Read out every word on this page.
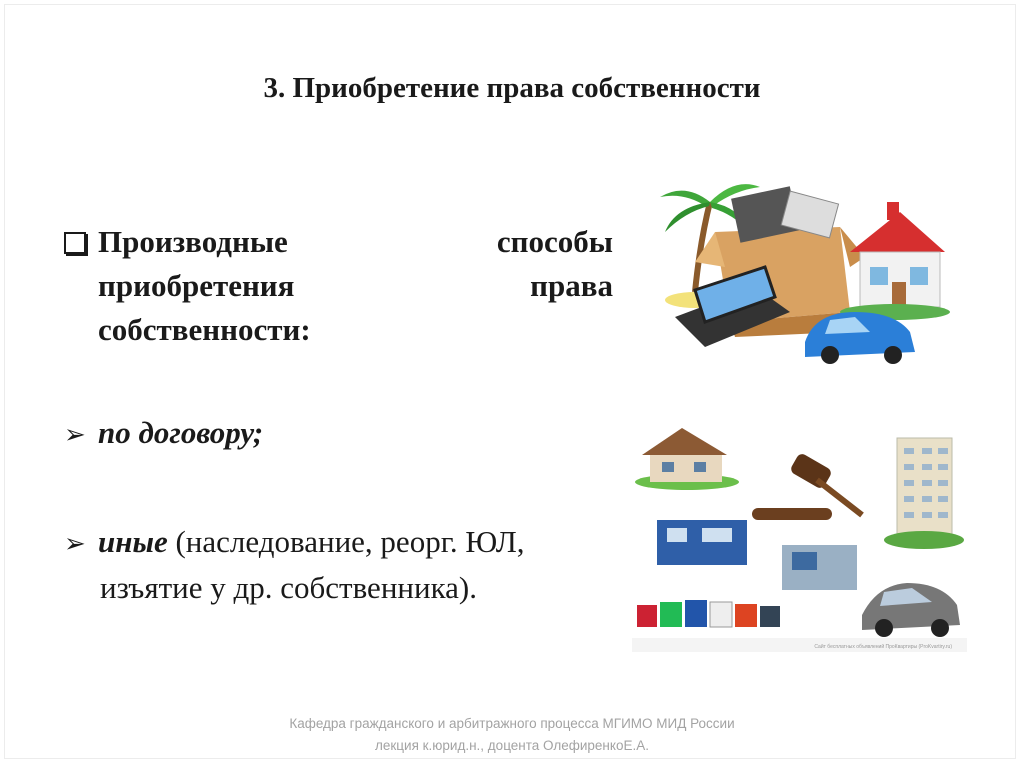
3. Приобретение права собственности
Производные	способы
приобретения	права
собственности:
➢ по договору;
➢ иные (наследование, реорг. ЮЛ,
изъятие у др. собственника).
Сайт бесплатных объявлений ПроКвартиры (ProKvartiry.ru)
Кафедра гражданского и арбитражного процесса МГИМО МИД России
лекция к.юрид.н., доцента ОлефиренкоЕ.А.
